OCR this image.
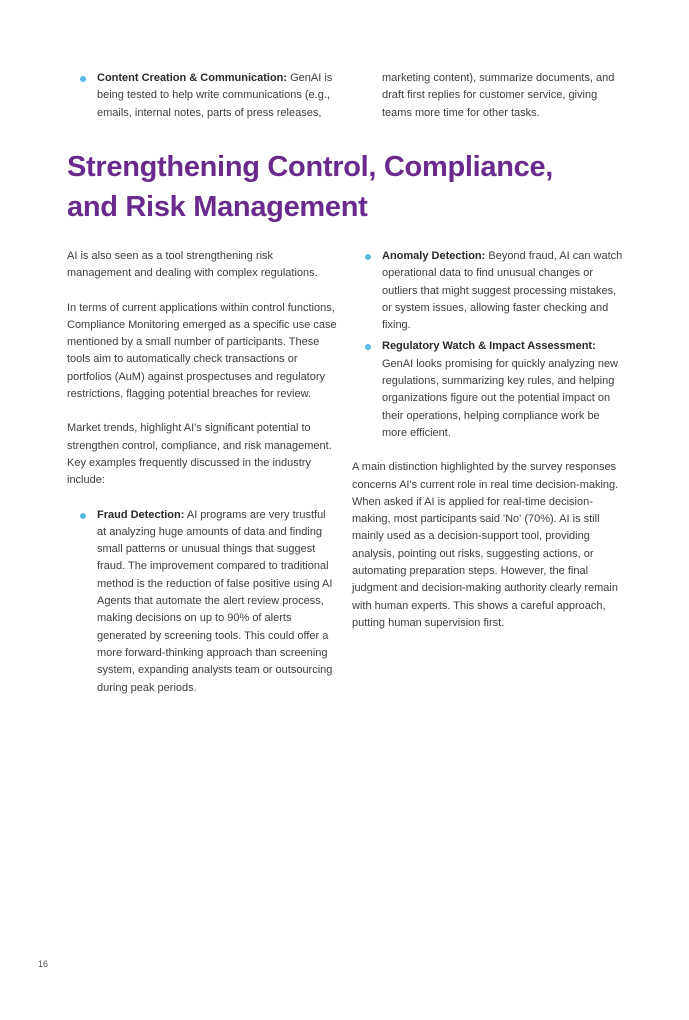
Content Creation & Communication: GenAI is being tested to help write communications (e.g., emails, internal notes, parts of press releases,
marketing content), summarize documents, and draft first replies for customer service, giving teams more time for other tasks.
Strengthening Control, Compliance,
and Risk Management

AI is also seen as a tool strengthening risk management and dealing with complex regulations.

In terms of current applications within control functions, Compliance Monitoring emerged as a specific use case mentioned by a small number of participants. These tools aim to automatically check transactions or portfolios (AuM) against prospectuses and regulatory restrictions, flagging potential breaches for review.

Market trends, highlight AI's significant potential to strengthen control, compliance, and risk management. Key examples frequently discussed in the industry include:

Fraud Detection: AI programs are very trustful at analyzing huge amounts of data and finding small patterns or unusual things that suggest fraud. The improvement compared to traditional method is the reduction of false positive using AI Agents that automate the alert review process, making decisions on up to 90% of alerts generated by screening tools. This could offer a more forward-thinking approach than screening system, expanding analysts team or outsourcing during peak periods.
Anomaly Detection: Beyond fraud, AI can watch operational data to find unusual changes or outliers that might suggest processing mistakes, or system issues, allowing faster checking and fixing.
Regulatory Watch & Impact Assessment: GenAI looks promising for quickly analyzing new regulations, summarizing key rules, and helping organizations figure out the potential impact on their operations, helping compliance work be more efficient.

A main distinction highlighted by the survey responses concerns AI's current role in real time decision-making. When asked if AI is applied for real-time decision-making, most participants said 'No' (70%). AI is still mainly used as a decision-support tool, providing analysis, pointing out risks, suggesting actions, or automating preparation steps. However, the final judgment and decision-making authority clearly remain with human experts. This shows a careful approach, putting human supervision first.

16
